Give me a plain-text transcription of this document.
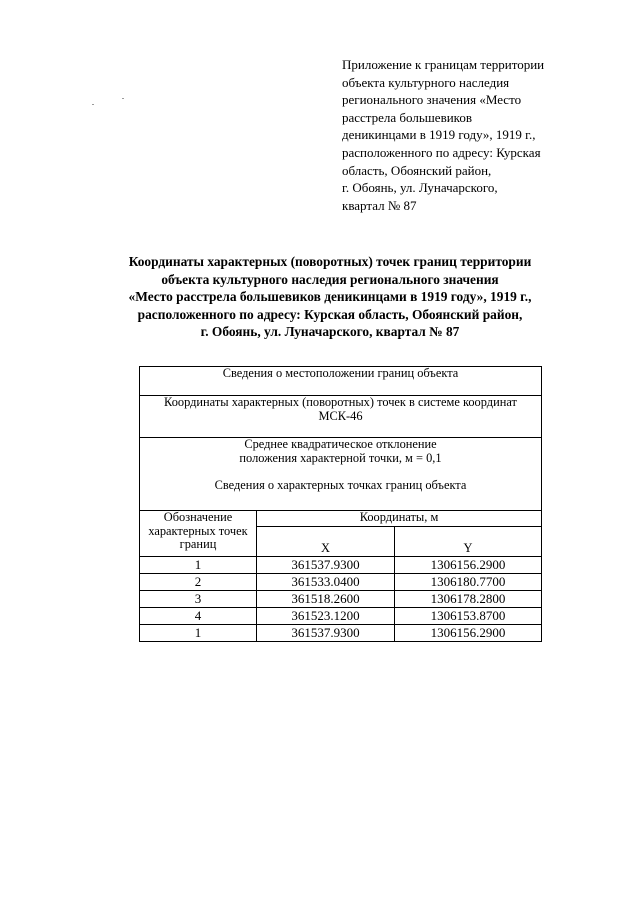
Приложение к границам территории
объекта культурного наследия
регионального значения «Место
расстрела большевиков
деникинцами в 1919 году», 1919 г.,
расположенного по адресу: Курская
область, Обоянский район,
г. Обоянь, ул. Луначарского,
квартал № 87
Координаты характерных (поворотных) точек границ территории
объекта культурного наследия регионального значения
«Место расстрела большевиков деникинцами в 1919 году», 1919 г.,
расположенного по адресу: Курская область, Обоянский район,
г. Обоянь, ул. Луначарского, квартал № 87
Сведения о местоположении границ объекта		

Координаты характерных (поворотных) точек в системе координат
МСК-46		

Среднее квадратическое отклонение
положения характерной точки, м = 0,1
Сведения о характерных точках границ объекта		

Обозначение характерных точек границ	Координаты, м	
	X	Y
1	361537.9300	1306156.2900
2	361533.0400	1306180.7700
3	361518.2600	1306178.2800
4	361523.1200	1306153.8700
1	361537.9300	1306156.2900
